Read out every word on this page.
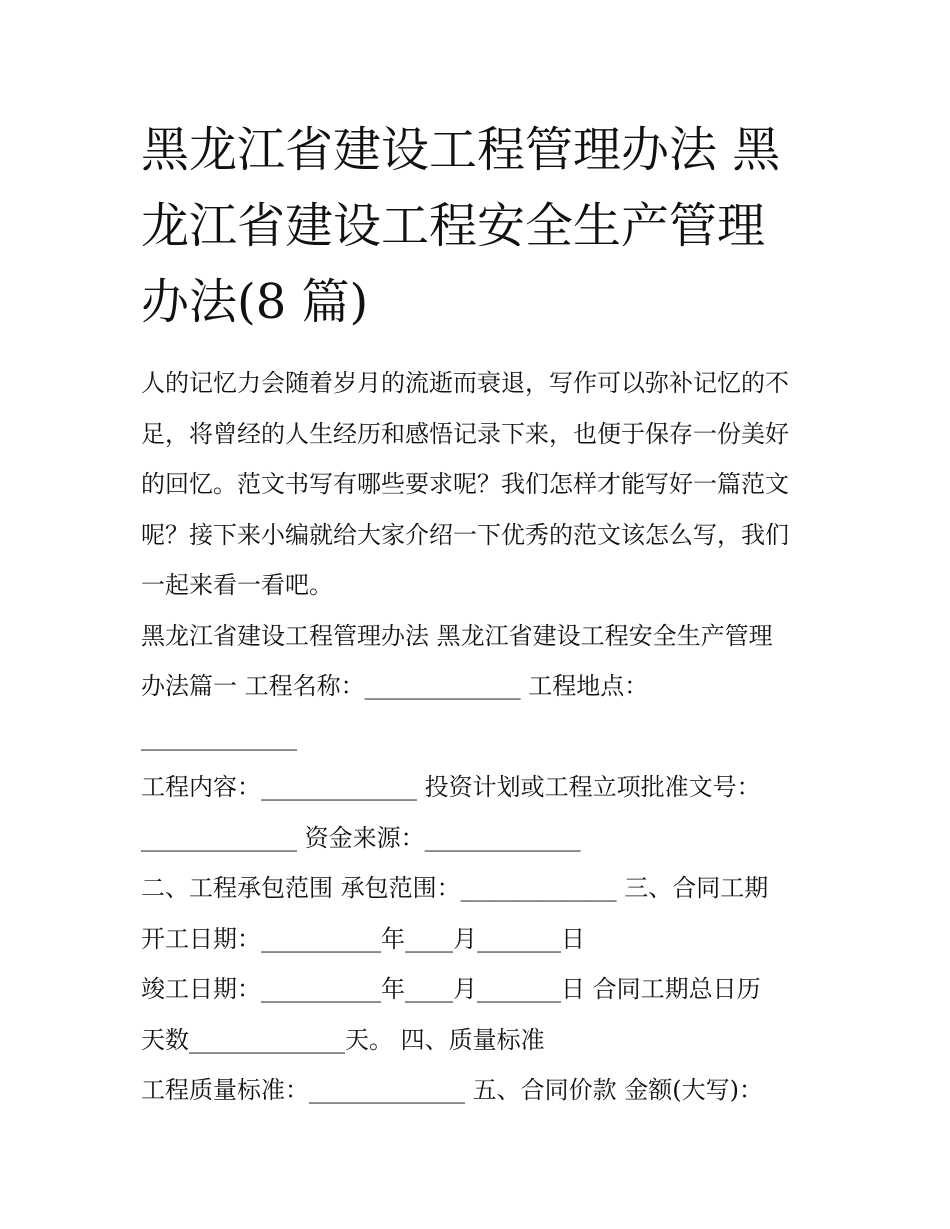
黑龙江省建设工程管理办法 黑
龙江省建设工程安全生产管理
办法(8 篇)
人的记忆力会随着岁月的流逝而衰退，写作可以弥补记忆的不
足，将曾经的人生经历和感悟记录下来，也便于保存一份美好
的回忆。范文书写有哪些要求呢？我们怎样才能写好一篇范文
呢？接下来小编就给大家介绍一下优秀的范文该怎么写，我们
一起来看一看吧。
黑龙江省建设工程管理办法 黑龙江省建设工程安全生产管理
办法篇一 工程名称：_____________ 工程地点：
_____________
工程内容：_____________ 投资计划或工程立项批准文号：
_____________ 资金来源：_____________
二、工程承包范围 承包范围：_____________ 三、合同工期
开工日期：__________年____月_______日
竣工日期：__________年____月_______日 合同工期总日历
天数_____________天。 四、质量标准
工程质量标准：_____________ 五、合同价款 金额(大写)：
